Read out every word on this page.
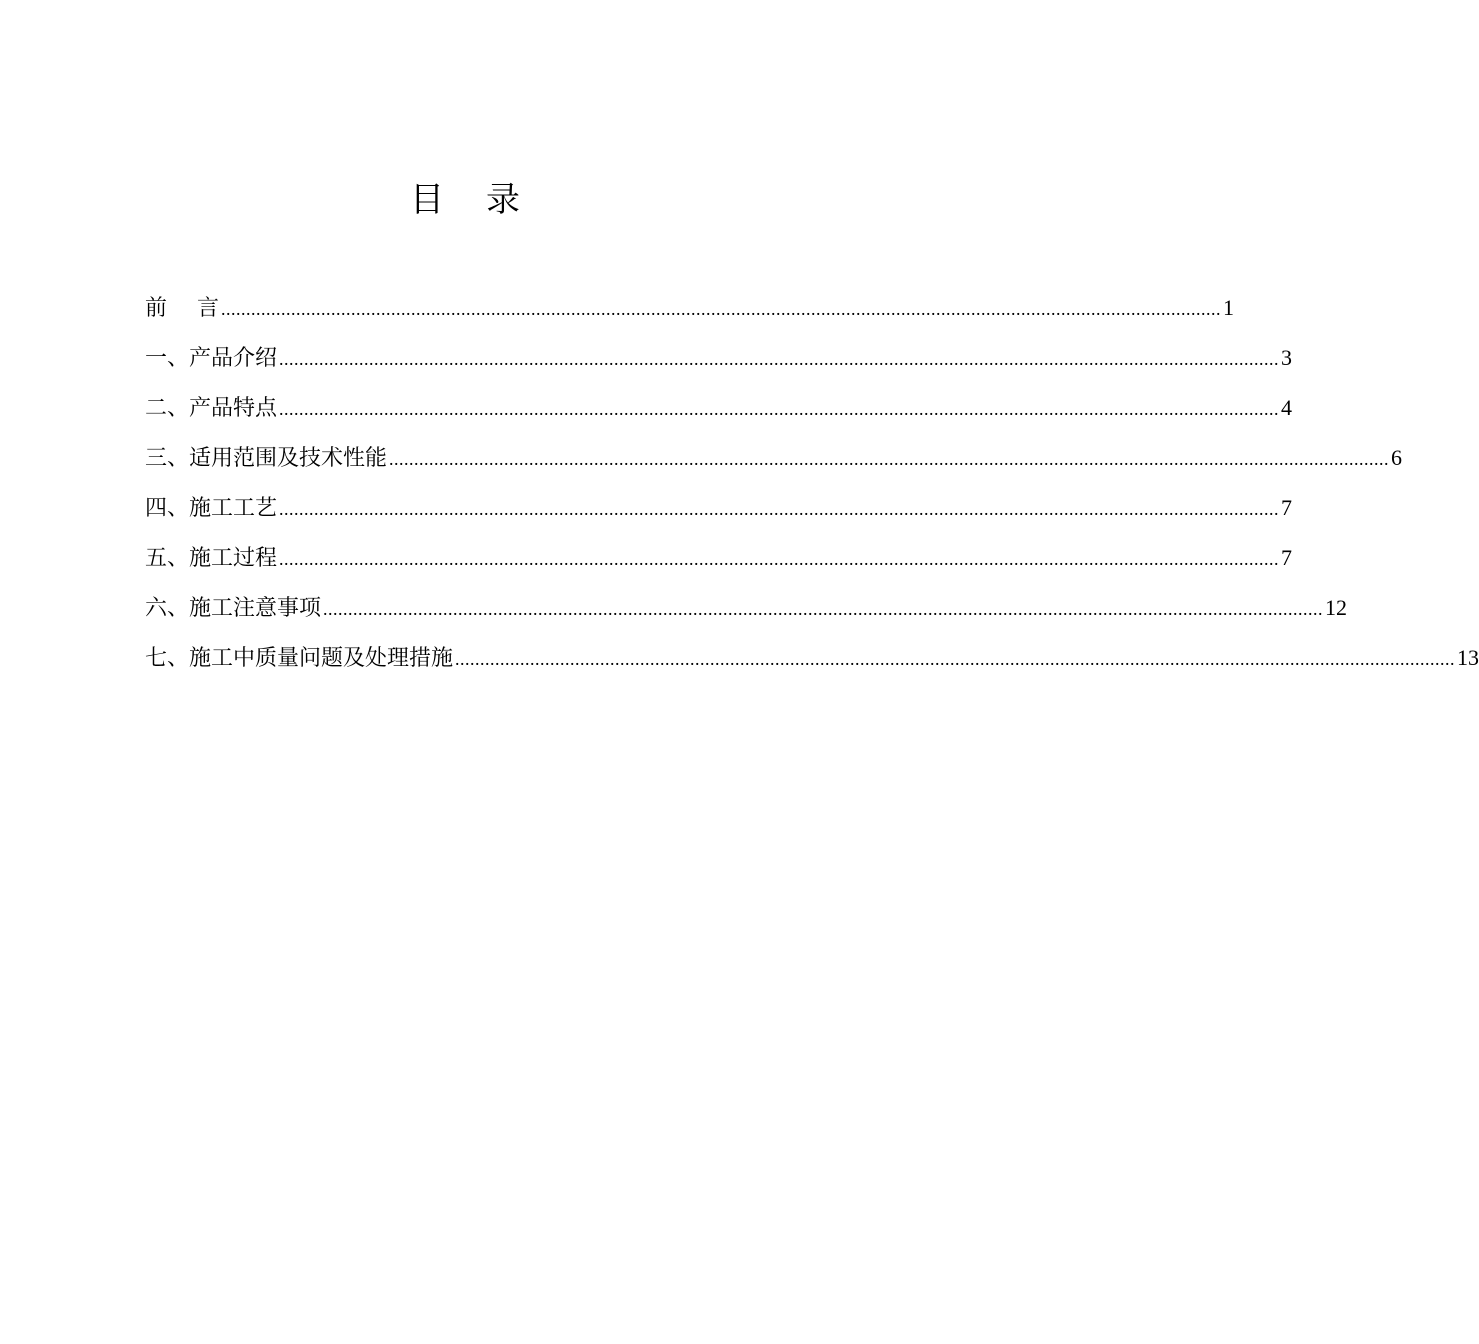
目 录
前 言 ........................................................................................................................................................................................................ 1
一、产品介绍 ........................................................................................................................................................................................................ 3
二、产品特点 ........................................................................................................................................................................................................ 4
三、适用范围及技术性能 ........................................................................................................................................................................................................ 6
四、施工工艺 ........................................................................................................................................................................................................ 7
五、施工过程 ........................................................................................................................................................................................................ 7
六、施工注意事项 ........................................................................................................................................................................................................ 12
七、施工中质量问题及处理措施 ........................................................................................................................................................................................................ 13
